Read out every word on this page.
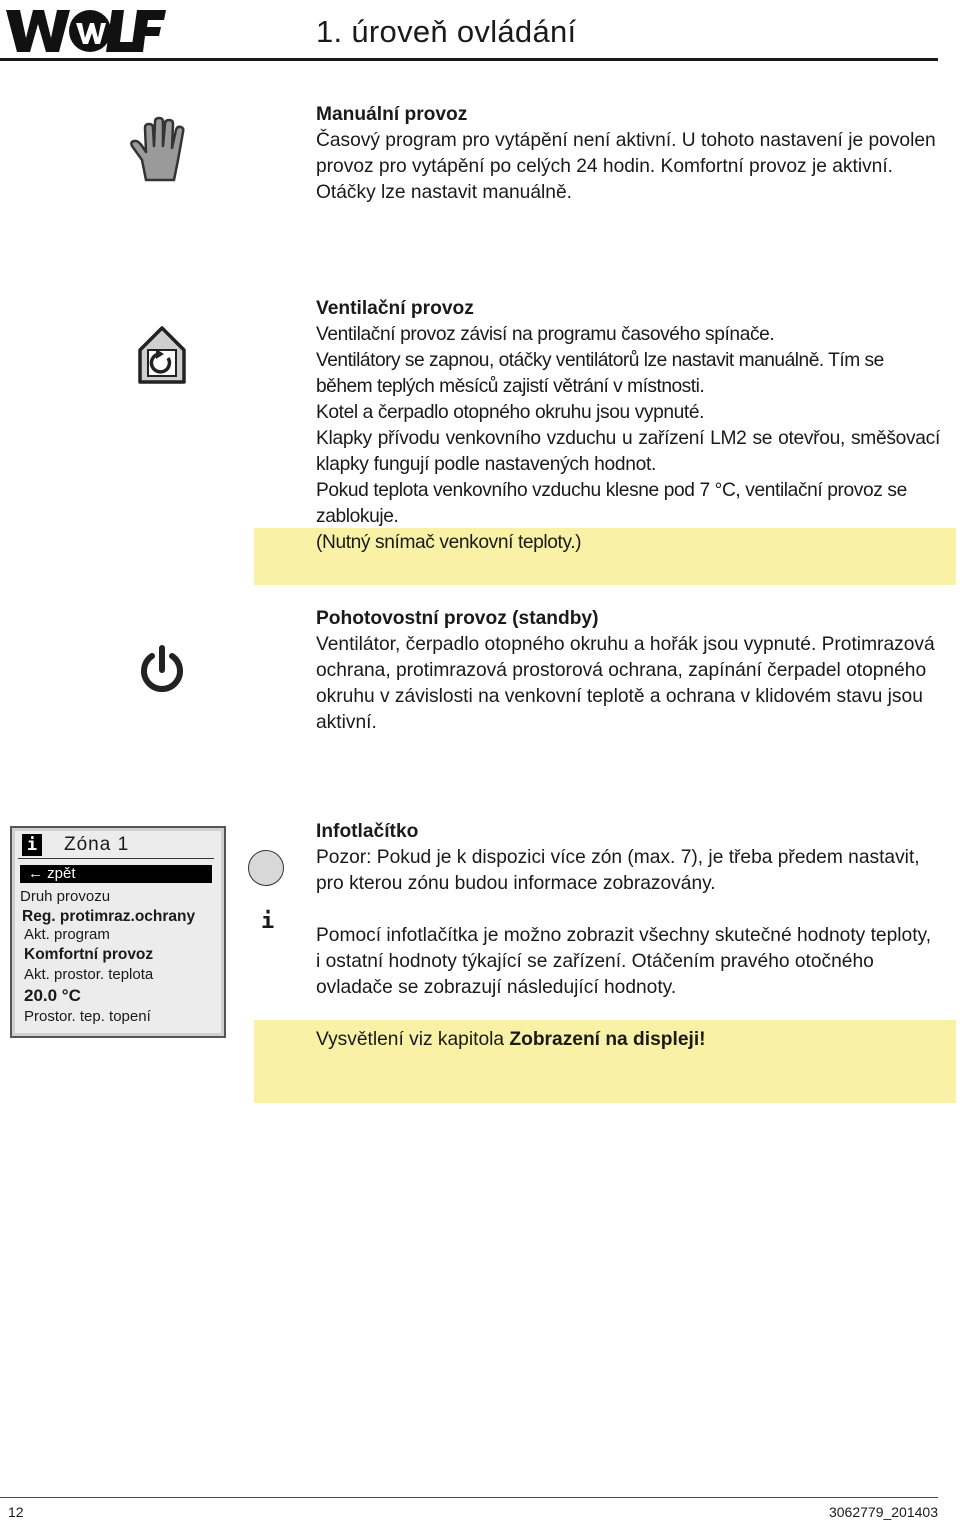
1. úroveň ovládání
Manuální provoz

Časový program pro vytápění není aktivní. U tohoto nastavení je povolen provoz pro vytápění po celých 24 hodin. Komfortní provoz je aktivní. Otáčky lze nastavit manuálně.

Ventilační provoz

Ventilační provoz závisí na programu časového spínače.

Ventilátory se zapnou, otáčky ventilátorů lze nastavit manuálně. Tím se během teplých měsíců zajistí větrání v místnosti.

Kotel a čerpadlo otopného okruhu jsou vypnuté.

Klapky přívodu venkovního vzduchu u zařízení LM2 se otevřou, směšovací klapky fungují podle nastavených hodnot.

Pokud teplota venkovního vzduchu klesne pod 7 °C, ventilační provoz se zablokuje.

(Nutný snímač venkovní teploty.)

Pohotovostní provoz (standby)

Ventilátor, čerpadlo otopného okruhu a hořák jsou vypnuté. Protimrazová ochrana, protimrazová prostorová ochrana, zapínání čerpadel otopného okruhu v závislosti na venkovní teplotě a ochrana v klidovém stavu jsou aktivní.

i Zóna 1
← zpět
Druh provozu
Reg. protimraz.ochrany
Akt. program
Komfortní provoz
Akt. prostor. teplota
20.0 °C
Prostor. tep. topení
i
Infotlačítko

Pozor: Pokud je k dispozici více zón (max. 7), je třeba předem nastavit, pro kterou zónu budou informace zobrazovány.

Pomocí infotlačítka je možno zobrazit všechny skutečné hodnoty teploty, i ostatní hodnoty týkající se zařízení. Otáčením pravého otočného ovladače se zobrazují následující hodnoty.

Vysvětlení viz kapitola Zobrazení na displeji!

12	3062779_201403
